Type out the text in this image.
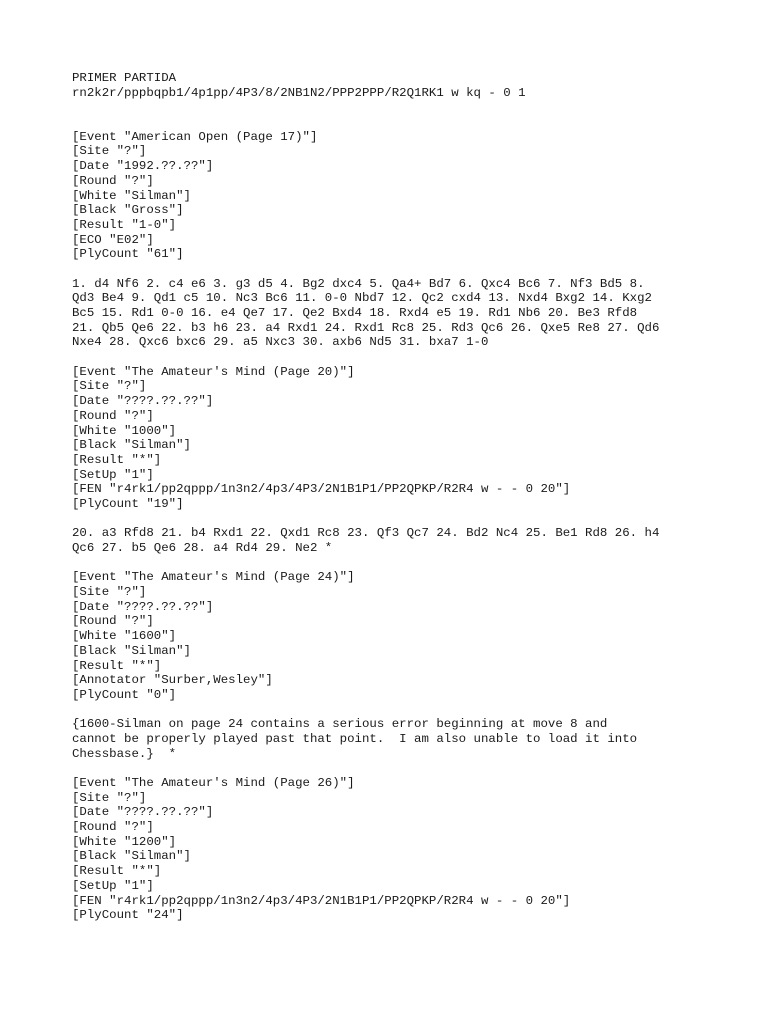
PRIMER PARTIDA
rn2k2r/pppbqpb1/4p1pp/4P3/8/2NB1N2/PPP2PPP/R2Q1RK1 w kq - 0 1
[Event "American Open (Page 17)"]
[Site "?"]
[Date "1992.??.??"]
[Round "?"]
[White "Silman"]
[Black "Gross"]
[Result "1-0"]
[ECO "E02"]
[PlyCount "61"]
1. d4 Nf6 2. c4 e6 3. g3 d5 4. Bg2 dxc4 5. Qa4+ Bd7 6. Qxc4 Bc6 7. Nf3 Bd5 8.
Qd3 Be4 9. Qd1 c5 10. Nc3 Bc6 11. 0-0 Nbd7 12. Qc2 cxd4 13. Nxd4 Bxg2 14. Kxg2
Bc5 15. Rd1 0-0 16. e4 Qe7 17. Qe2 Bxd4 18. Rxd4 e5 19. Rd1 Nb6 20. Be3 Rfd8
21. Qb5 Qe6 22. b3 h6 23. a4 Rxd1 24. Rxd1 Rc8 25. Rd3 Qc6 26. Qxe5 Re8 27. Qd6
Nxe4 28. Qxc6 bxc6 29. a5 Nxc3 30. axb6 Nd5 31. bxa7 1-0
[Event "The Amateur's Mind (Page 20)"]
[Site "?"]
[Date "????.??.??"]
[Round "?"]
[White "1000"]
[Black "Silman"]
[Result "*"]
[SetUp "1"]
[FEN "r4rk1/pp2qppp/1n3n2/4p3/4P3/2N1B1P1/PP2QPKP/R2R4 w - - 0 20"]
[PlyCount "19"]
20. a3 Rfd8 21. b4 Rxd1 22. Qxd1 Rc8 23. Qf3 Qc7 24. Bd2 Nc4 25. Be1 Rd8 26. h4
Qc6 27. b5 Qe6 28. a4 Rd4 29. Ne2 *
[Event "The Amateur's Mind (Page 24)"]
[Site "?"]
[Date "????.??.??"]
[Round "?"]
[White "1600"]
[Black "Silman"]
[Result "*"]
[Annotator "Surber,Wesley"]
[PlyCount "0"]
{1600-Silman on page 24 contains a serious error beginning at move 8 and
cannot be properly played past that point.  I am also unable to load it into
Chessbase.}  *
[Event "The Amateur's Mind (Page 26)"]
[Site "?"]
[Date "????.??.??"]
[Round "?"]
[White "1200"]
[Black "Silman"]
[Result "*"]
[SetUp "1"]
[FEN "r4rk1/pp2qppp/1n3n2/4p3/4P3/2N1B1P1/PP2QPKP/R2R4 w - - 0 20"]
[PlyCount "24"]
